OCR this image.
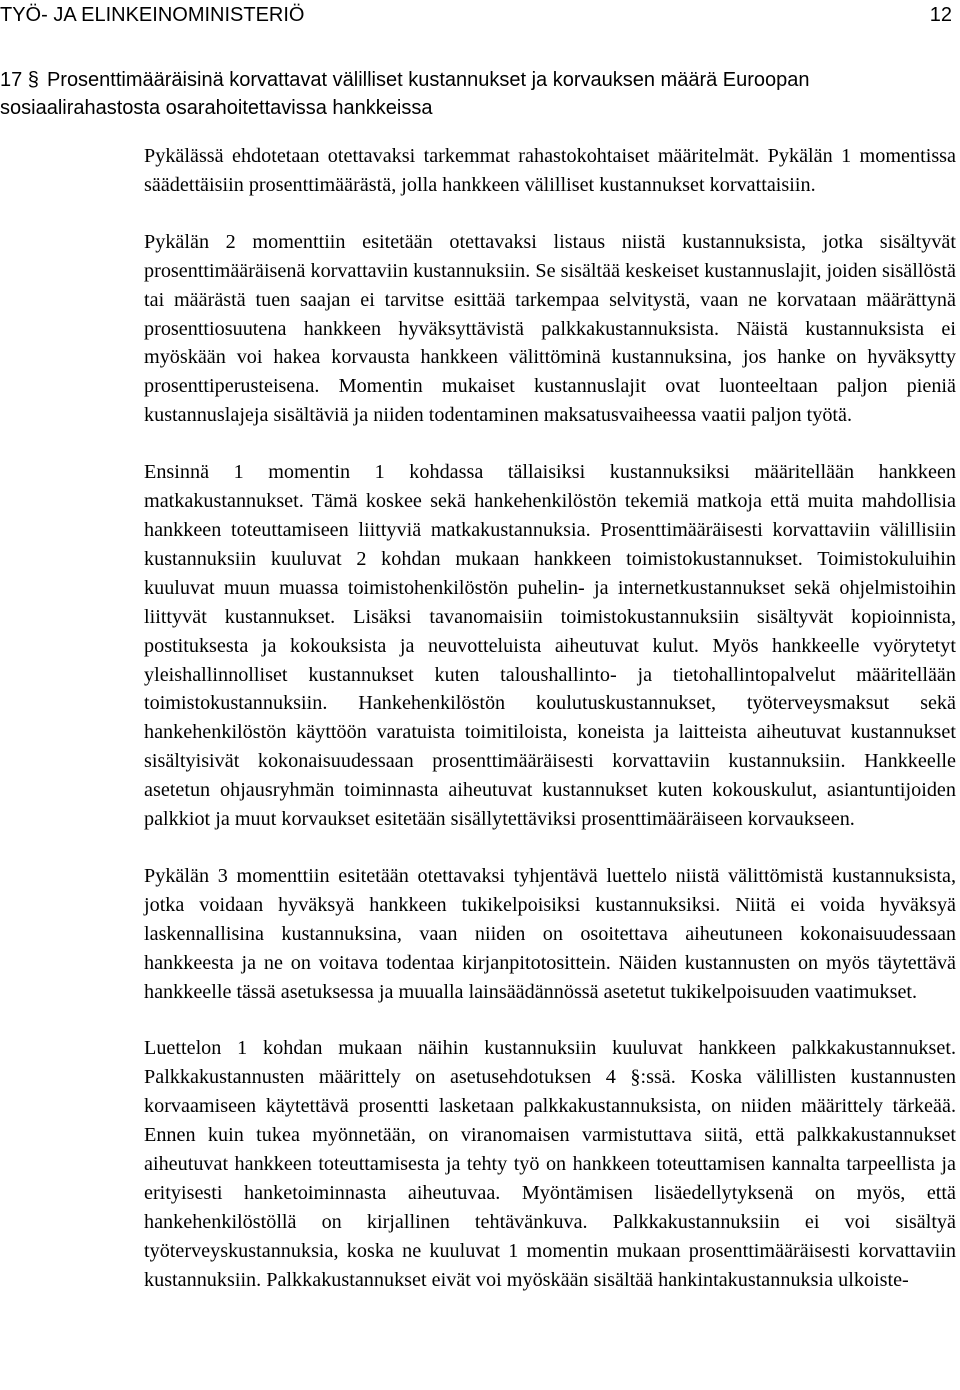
TYÖ- JA ELINKEINOMINISTERIÖ	12
17 § Prosenttimääräisinä korvattavat välilliset kustannukset ja korvauksen määrä Euroopan sosiaalirahastosta osarahoitettavissa hankkeissa

Pykälässä ehdotetaan otettavaksi tarkemmat rahastokohtaiset määritelmät. Pykälän 1 momentissa säädettäisiin prosenttimäärästä, jolla hankkeen välilliset kustannukset korvattaisiin.

Pykälän 2 momenttiin esitetään otettavaksi listaus niistä kustannuksista, jotka sisältyvät prosenttimääräisenä korvattaviin kustannuksiin. Se sisältää keskeiset kustannuslajit, joiden sisällöstä tai määrästä tuen saajan ei tarvitse esittää tarkempaa selvitystä, vaan ne korvataan määrättynä prosenttiosuutena hankkeen hyväksyttävistä palkkakustannuksista. Näistä kustannuksista ei myöskään voi hakea korvausta hankkeen välittöminä kustannuksina, jos hanke on hyväksytty prosenttiperusteisena. Momentin mukaiset kustannuslajit ovat luonteeltaan paljon pieniä kustannuslajeja sisältäviä ja niiden todentaminen maksatusvaiheessa vaatii paljon työtä.

Ensinnä 1 momentin 1 kohdassa tällaisiksi kustannuksiksi määritellään hankkeen matkakustannukset. Tämä koskee sekä hankehenkilöstön tekemiä matkoja että muita mahdollisia hankkeen toteuttamiseen liittyviä matkakustannuksia. Prosenttimääräisesti korvattaviin välillisiin kustannuksiin kuuluvat 2 kohdan mukaan hankkeen toimistokustannukset. Toimistokuluihin kuuluvat muun muassa toimistohenkilöstön puhelin- ja internetkustannukset sekä ohjelmistoihin liittyvät kustannukset. Lisäksi tavanomaisiin toimistokustannuksiin sisältyvät kopioinnista, postituksesta ja kokouksista ja neuvotteluista aiheutuvat kulut. Myös hankkeelle vyörytetyt yleishallinnolliset kustannukset kuten taloushallinto- ja tietohallintopalvelut määritellään toimistokustannuksiin. Hankehenkilöstön koulutuskustannukset, työterveysmaksut sekä hankehenkilöstön käyttöön varatuista toimitiloista, koneista ja laitteista aiheutuvat kustannukset sisältyisivät kokonaisuudessaan prosenttimääräisesti korvattaviin kustannuksiin. Hankkeelle asetetun ohjausryhmän toiminnasta aiheutuvat kustannukset kuten kokouskulut, asiantuntijoiden palkkiot ja muut korvaukset esitetään sisällytettäviksi prosenttimääräiseen korvaukseen.

Pykälän 3 momenttiin esitetään otettavaksi tyhjentävä luettelo niistä välittömistä kustannuksista, jotka voidaan hyväksyä hankkeen tukikelpoisiksi kustannuksiksi. Niitä ei voida hyväksyä laskennallisina kustannuksina, vaan niiden on osoitettava aiheutuneen kokonaisuudessaan hankkeesta ja ne on voitava todentaa kirjanpitotosittein. Näiden kustannusten on myös täytettävä hankkeelle tässä asetuksessa ja muualla lainsäädännössä asetetut tukikelpoisuuden vaatimukset.

Luettelon 1 kohdan mukaan näihin kustannuksiin kuuluvat hankkeen palkkakustannukset. Palkkakustannusten määrittely on asetusehdotuksen 4 §:ssä. Koska välillisten kustannusten korvaamiseen käytettävä prosentti lasketaan palkkakustannuksista, on niiden määrittely tärkeää. Ennen kuin tukea myönnetään, on viranomaisen varmistuttava siitä, että palkkakustannukset aiheutuvat hankkeen toteuttamisesta ja tehty työ on hankkeen toteuttamisen kannalta tarpeellista ja erityisesti hanketoiminnasta aiheutuvaa. Myöntämisen lisäedellytyksenä on myös, että hankehenkilöstöllä on kirjallinen tehtävänkuva. Palkkakustannuksiin ei voi sisältyä työterveyskustannuksia, koska ne kuuluvat 1 momentin mukaan prosenttimääräisesti korvattaviin kustannuksiin. Palkkakustannukset eivät voi myöskään sisältää hankintakustannuksia ulkoiste-
